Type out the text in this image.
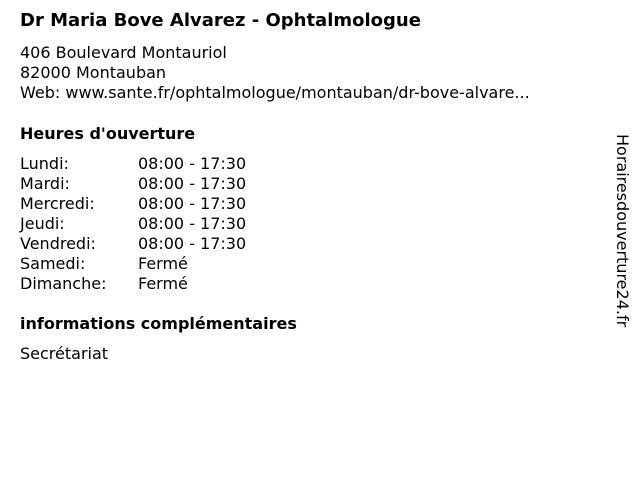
Dr Maria Bove Alvarez - Ophtalmologue
406 Boulevard Montauriol
82000 Montauban
Web: www.sante.fr/ophtalmologue/montauban/dr-bove-alvare...
Heures d'ouverture
Lundi:	08:00 - 17:30
Mardi:	08:00 - 17:30
Mercredi:	08:00 - 17:30
Jeudi:	08:00 - 17:30
Vendredi:	08:00 - 17:30
Samedi:	Fermé
Dimanche: Fermé
informations complémentaires
Secrétariat
Horairesdouverture24.fr
